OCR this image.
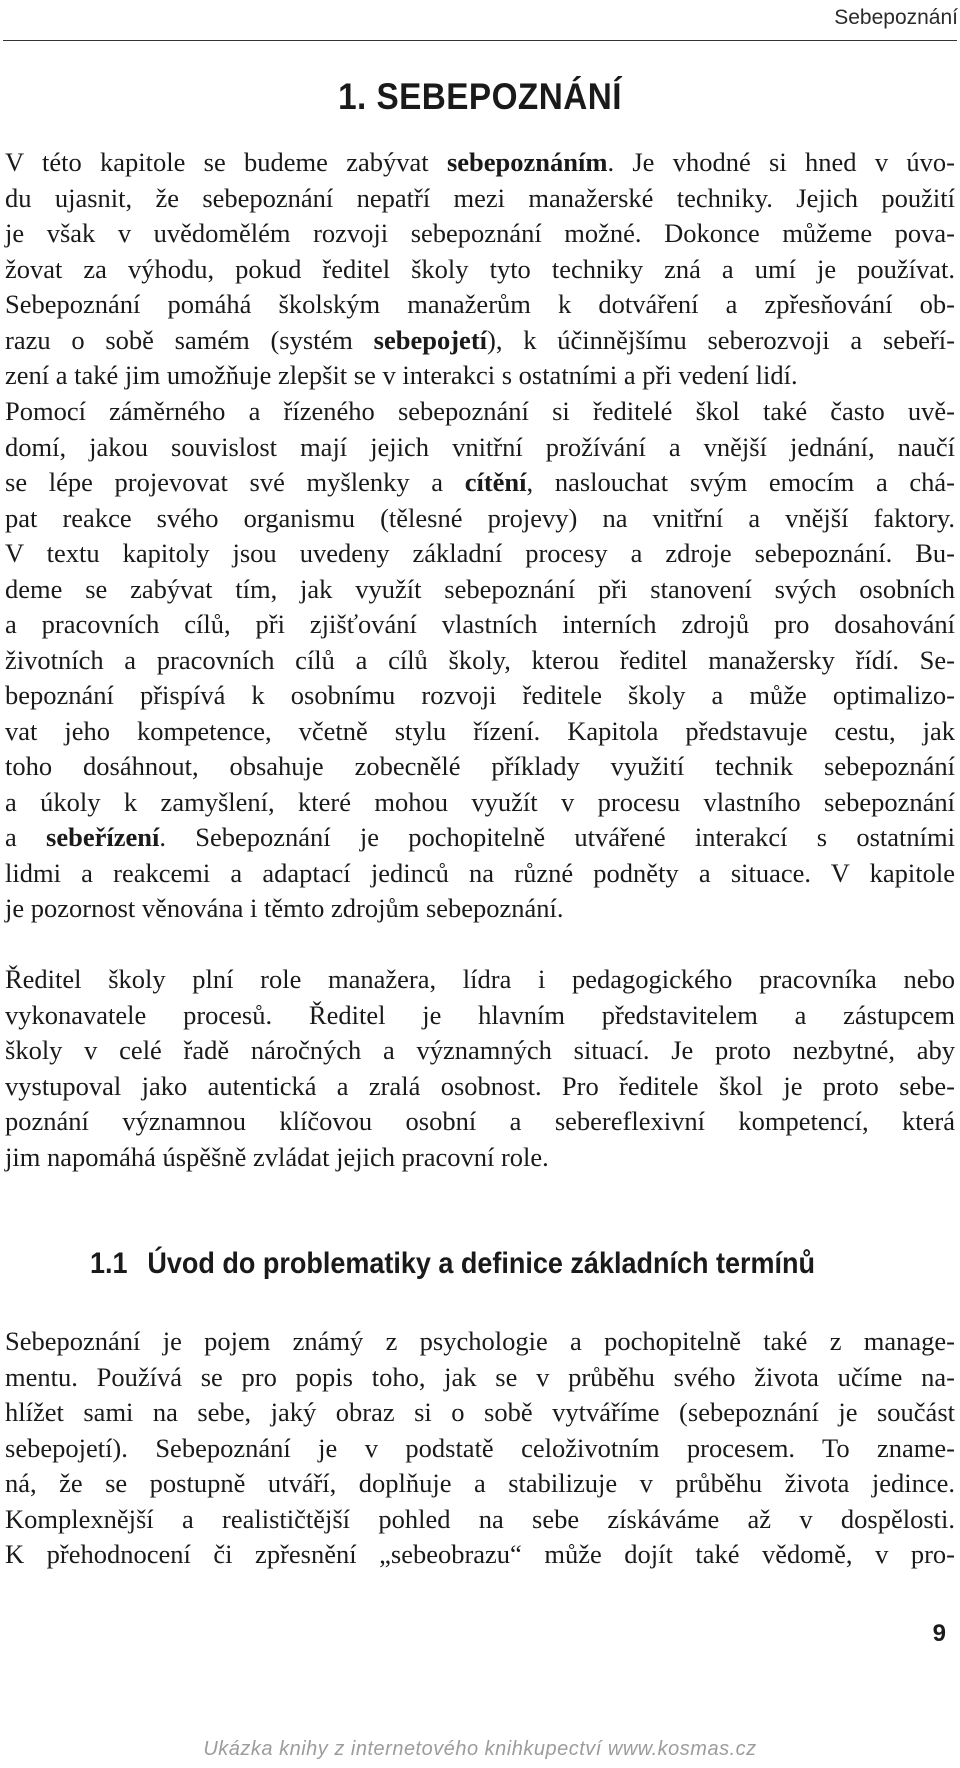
Sebepoznání
1. SEBEPOZNÁNÍ
V této kapitole se budeme zabývat sebepoznáním. Je vhodné si hned v úvo-
du ujasnit, že sebepoznání nepatří mezi manažerské techniky. Jejich použití
je však v uvědomělém rozvoji sebepoznání možné. Dokonce můžeme pova-
žovat za výhodu, pokud ředitel školy tyto techniky zná a umí je používat.
Sebepoznání pomáhá školským manažerům k dotváření a zpřesňování ob-
razu o sobě samém (systém sebepojetí), k účinnějšímu seberozvoji a sebeří-
zení a také jim umožňuje zlepšit se v interakci s ostatními a při vedení lidí.
Pomocí záměrného a řízeného sebepoznání si ředitelé škol také často uvě-
domí, jakou souvislost mají jejich vnitřní prožívání a vnější jednání, naučí
se lépe projevovat své myšlenky a cítění, naslouchat svým emocím a chá-
pat reakce svého organismu (tělesné projevy) na vnitřní a vnější faktory.
V textu kapitoly jsou uvedeny základní procesy a zdroje sebepoznání. Bu-
deme se zabývat tím, jak využít sebepoznání při stanovení svých osobních
a pracovních cílů, při zjišťování vlastních interních zdrojů pro dosahování
životních a pracovních cílů a cílů školy, kterou ředitel manažersky řídí. Se-
bepoznání přispívá k osobnímu rozvoji ředitele školy a může optimalizo-
vat jeho kompetence, včetně stylu řízení. Kapitola představuje cestu, jak
toho dosáhnout, obsahuje zobecnělé příklady využití technik sebepoznání
a úkoly k zamyšlení, které mohou využít v procesu vlastního sebepoznání
a sebeřízení. Sebepoznání je pochopitelně utvářené interakcí s ostatními
lidmi a reakcemi a adaptací jedinců na různé podněty a situace. V kapitole
je pozornost věnována i těmto zdrojům sebepoznání.
Ředitel školy plní role manažera, lídra i pedagogického pracovníka nebo
vykonavatele procesů. Ředitel je hlavním představitelem a zástupcem
školy v celé řadě náročných a významných situací. Je proto nezbytné, aby
vystupoval jako autentická a zralá osobnost. Pro ředitele škol je proto sebe-
poznání významnou klíčovou osobní a sebereflexivní kompetencí, která
jim napomáhá úspěšně zvládat jejich pracovní role.
1.1 Úvod do problematiky a definice základních termínů
Sebepoznání je pojem známý z psychologie a pochopitelně také z manage-
mentu. Používá se pro popis toho, jak se v průběhu svého života učíme na-
hlížet sami na sebe, jaký obraz si o sobě vytváříme (sebepoznání je součást
sebepojetí). Sebepoznání je v podstatě celoživotním procesem. To zname-
ná, že se postupně utváří, doplňuje a stabilizuje v průběhu života jedince.
Komplexnější a realističtější pohled na sebe získáváme až v dospělosti.
K přehodnocení či zpřesnění „sebeobrazu“ může dojít také vědomě, v pro-
9
Ukázka knihy z internetového knihkupectví www.kosmas.cz
